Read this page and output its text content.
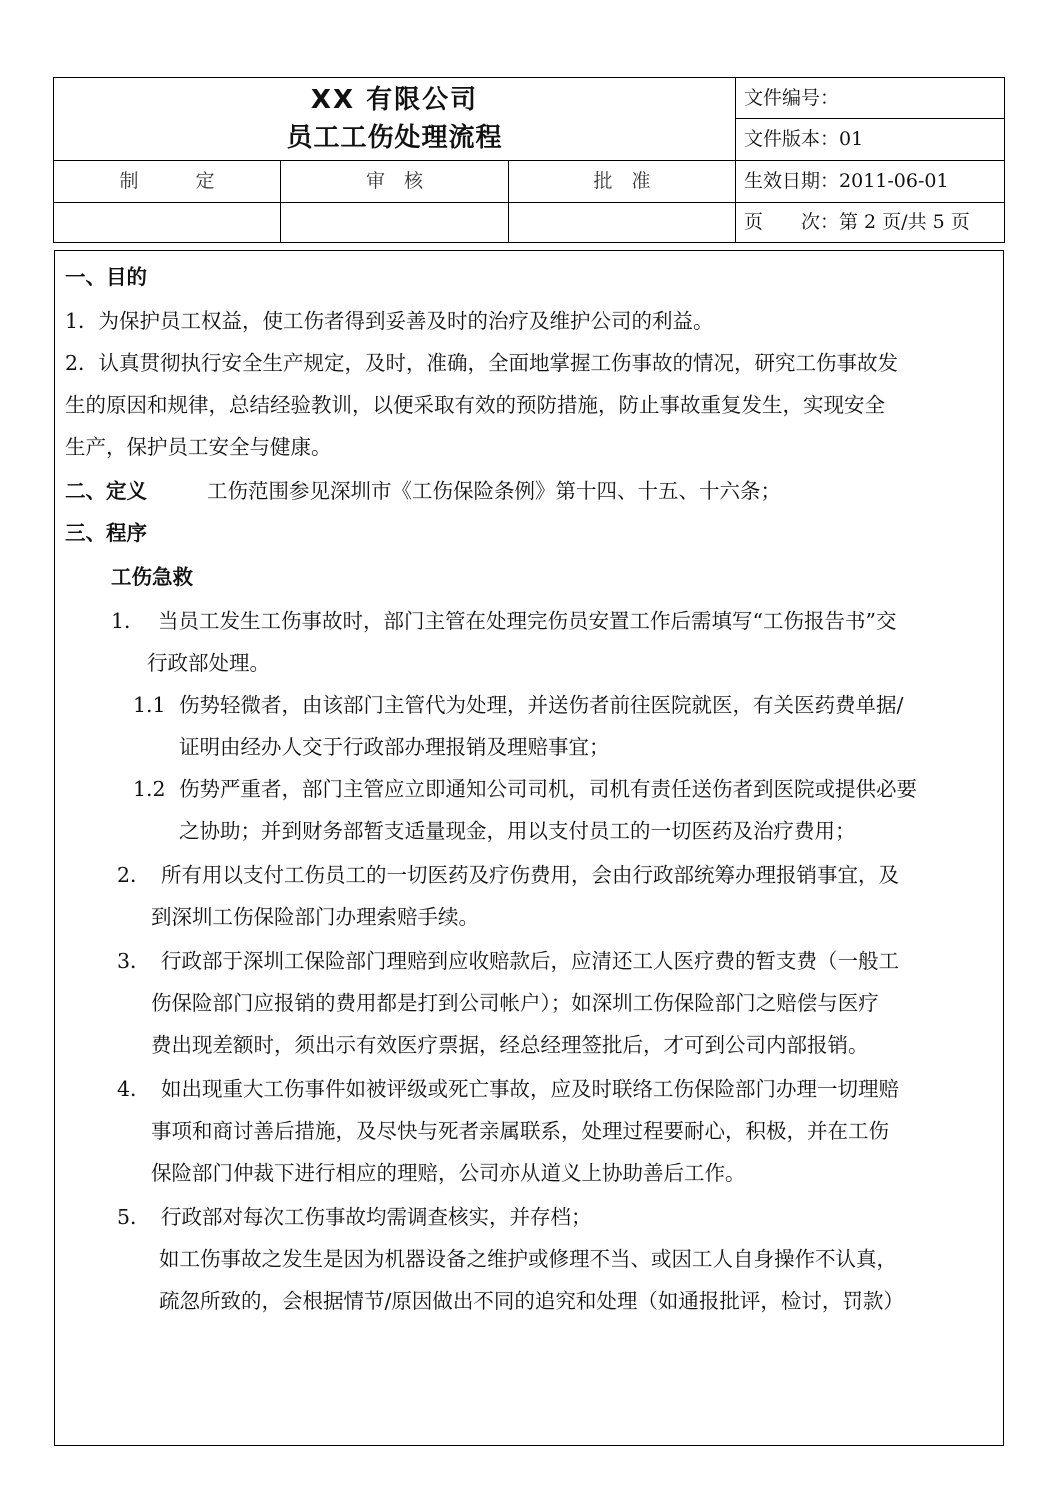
XX 有限公司
员工工伤处理流程
文件编号：
文件版本：01
生效日期：2011-06-01
页　　次：第 2 页/共 5 页
制　　　定	审　核	批　准
一、目的
1．为保护员工权益，使工伤者得到妥善及时的治疗及维护公司的利益。
2．认真贯彻执行安全生产规定，及时，准确，全面地掌握工伤事故的情况，研究工伤事故发
生的原因和规律，总结经验教训，以便采取有效的预防措施，防止事故重复发生，实现安全
生产，保护员工安全与健康。
二、定义	工伤范围参见深圳市《工伤保险条例》第十四、十五、十六条；
三、程序
工伤急救
1． 当员工发生工伤事故时，部门主管在处理完伤员安置工作后需填写“工伤报告书”交
行政部处理。
1.1 伤势轻微者，由该部门主管代为处理，并送伤者前往医院就医，有关医药费单据/
证明由经办人交于行政部办理报销及理赔事宜；
1.2 伤势严重者，部门主管应立即通知公司司机，司机有责任送伤者到医院或提供必要
之协助；并到财务部暂支适量现金，用以支付员工的一切医药及治疗费用；
2． 所有用以支付工伤员工的一切医药及疗伤费用，会由行政部统筹办理报销事宜，及
到深圳工伤保险部门办理索赔手续。
3． 行政部于深圳工保险部门理赔到应收赔款后，应清还工人医疗费的暂支费（一般工
伤保险部门应报销的费用都是打到公司帐户）；如深圳工伤保险部门之赔偿与医疗
费出现差额时，须出示有效医疗票据，经总经理签批后，才可到公司内部报销。
4． 如出现重大工伤事件如被评级或死亡事故，应及时联络工伤保险部门办理一切理赔
事项和商讨善后措施，及尽快与死者亲属联系，处理过程要耐心，积极，并在工伤
保险部门仲裁下进行相应的理赔，公司亦从道义上协助善后工作。
5． 行政部对每次工伤事故均需调查核实，并存档；
如工伤事故之发生是因为机器设备之维护或修理不当、或因工人自身操作不认真，
疏忽所致的，会根据情节/原因做出不同的追究和处理（如通报批评，检讨，罚款）
